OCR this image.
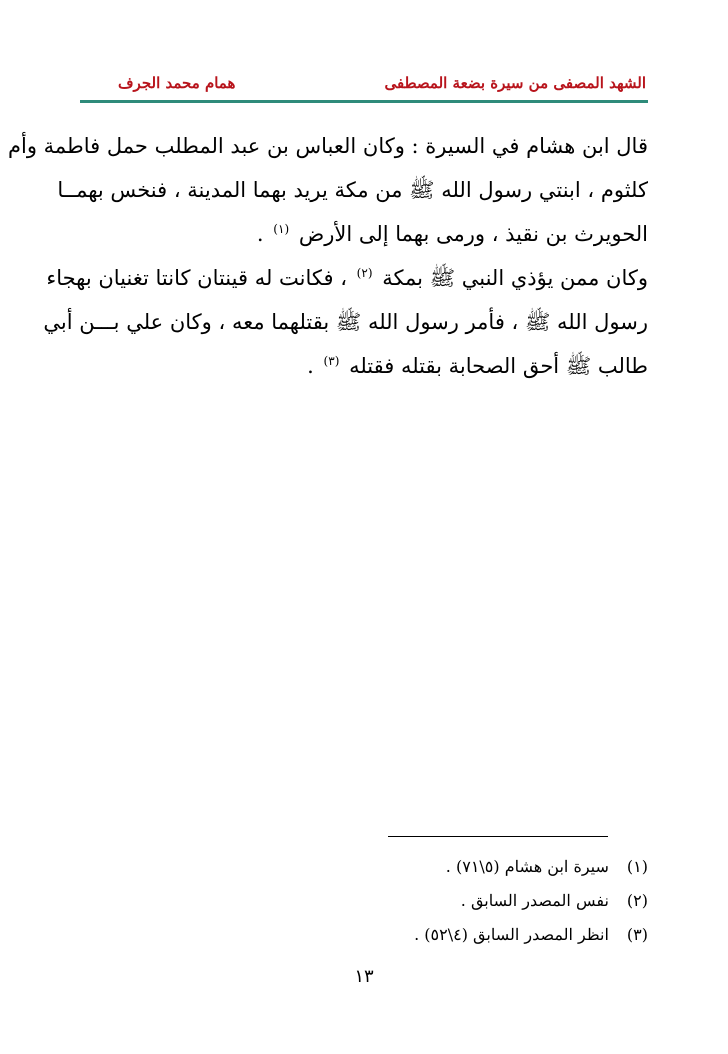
الشهد المصفى من سيرة بضعة المصطفى
همام محمد الجرف
قال ابن هشام في السيرة : وكان العباس بن عبد المطلب حمل فاطمة وأم
كلثوم ، ابنتي رسول الله ﷺ من مكة يريد بهما المدينة ، فنخس بهمــا
الحويرث بن نقيذ ، ورمى بهما إلى الأرض $^{(١)}$ .
وكان ممن يؤذي النبي ﷺ بمكة $^{(٢)}$ ، فكانت له قينتان كانتا تغنيان بهجاء
رسول الله ﷺ ، فأمر رسول الله ﷺ بقتلهما معه ، وكان علي بـــن أبي
طالب ﷺ أحق الصحابة بقتله فقتله $^{(٣)}$ .
(١) سيرة ابن هشام (٥\٧١) .
(٢) نفس المصدر السابق .
(٣) انظر المصدر السابق (٤\٥٢) .
١٣
